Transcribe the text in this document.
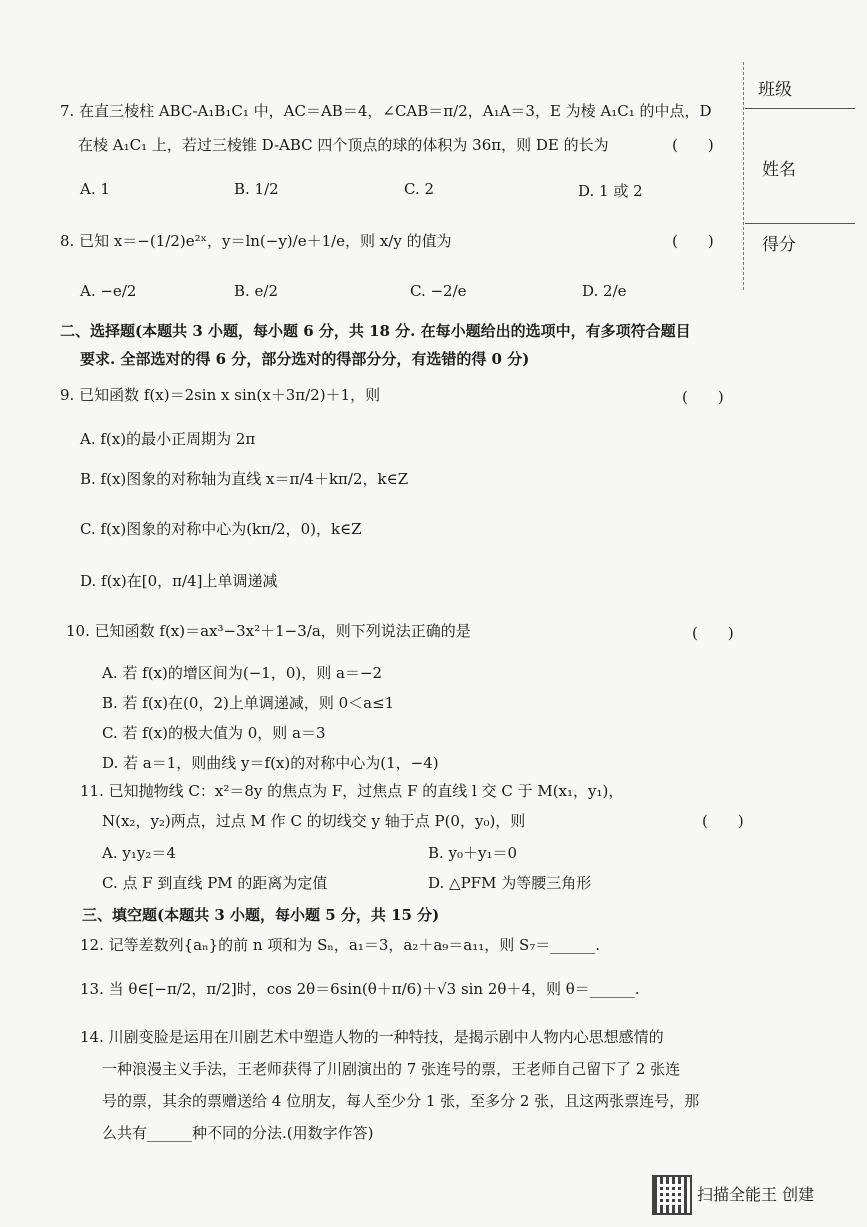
班级
姓名
得分
7. 在直三棱柱 ABC-A₁B₁C₁ 中，AC＝AB＝4，∠CAB＝π/2，A₁A＝3，E 为棱 A₁C₁ 的中点，D
在棱 A₁C₁ 上，若过三棱锥 D-ABC 四个顶点的球的体积为 36π，则 DE 的长为	(　　)
A. 1	B. 1/2	C. 2	D. 1 或 2
8. 已知 x＝−(1/2)e²ˣ，y＝ln(−y)/e＋1/e，则 x/y 的值为	(　　)
A. −e/2	B. e/2	C. −2/e	D. 2/e
二、选择题(本题共 3 小题，每小题 6 分，共 18 分. 在每小题给出的选项中，有多项符合题目
要求. 全部选对的得 6 分，部分选对的得部分分，有选错的得 0 分)
9. 已知函数 f(x)＝2sin x sin(x＋3π/2)＋1，则	(　　)
A. f(x)的最小正周期为 2π
B. f(x)图象的对称轴为直线 x＝π/4＋kπ/2，k∈Z
C. f(x)图象的对称中心为(kπ/2，0)，k∈Z
D. f(x)在[0，π/4]上单调递减
10. 已知函数 f(x)＝ax³−3x²＋1−3/a，则下列说法正确的是	(　　)
A. 若 f(x)的增区间为(−1，0)，则 a＝−2
B. 若 f(x)在(0，2)上单调递减，则 0＜a≤1
C. 若 f(x)的极大值为 0，则 a＝3
D. 若 a＝1，则曲线 y＝f(x)的对称中心为(1，−4)
11. 已知抛物线 C：x²＝8y 的焦点为 F，过焦点 F 的直线 l 交 C 于 M(x₁，y₁)，
N(x₂，y₂)两点，过点 M 作 C 的切线交 y 轴于点 P(0，y₀)，则	(　　)
A. y₁y₂＝4	B. y₀＋y₁＝0
C. 点 F 到直线 PM 的距离为定值	D. △PFM 为等腰三角形
三、填空题(本题共 3 小题，每小题 5 分，共 15 分)
12. 记等差数列{aₙ}的前 n 项和为 Sₙ，a₁＝3，a₂＋a₉＝a₁₁，则 S₇＝______.
13. 当 θ∈[−π/2，π/2]时，cos 2θ＝6sin(θ＋π/6)＋√3 sin 2θ＋4，则 θ＝______.
14. 川剧变脸是运用在川剧艺术中塑造人物的一种特技，是揭示剧中人物内心思想感情的
一种浪漫主义手法，王老师获得了川剧演出的 7 张连号的票，王老师自己留下了 2 张连
号的票，其余的票赠送给 4 位朋友，每人至少分 1 张，至多分 2 张，且这两张票连号，那
么共有______种不同的分法.(用数字作答)
扫描全能王 创建
